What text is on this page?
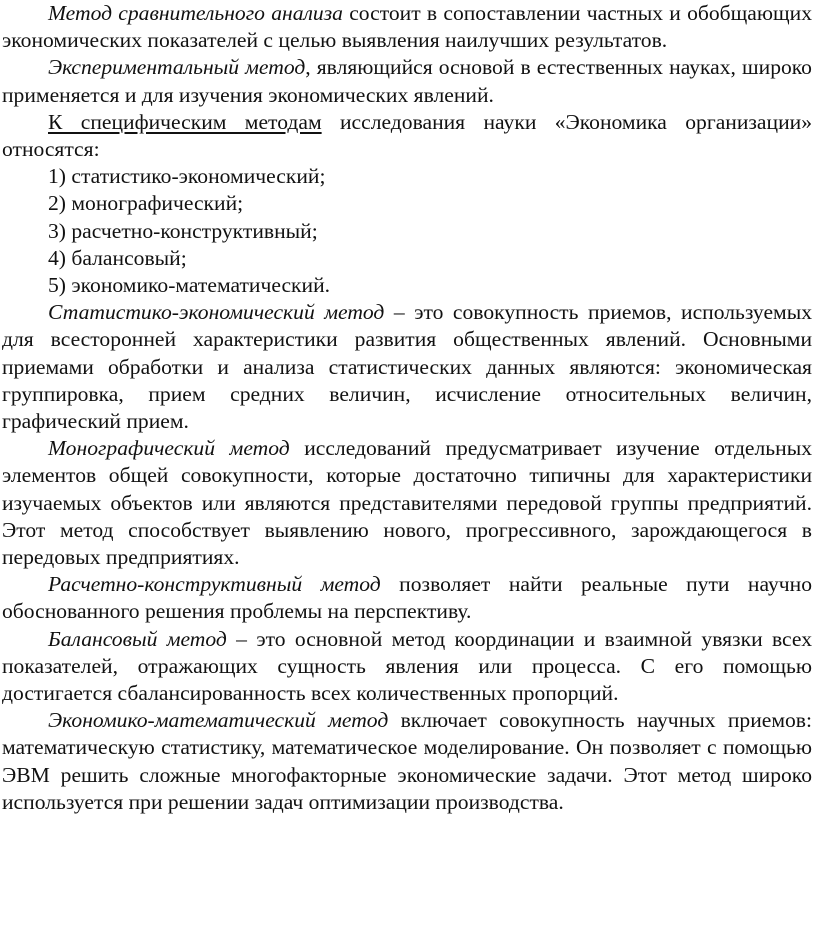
Метод сравнительного анализа состоит в сопоставлении частных и обобщающих экономических показателей с целью выявления наилучших результатов.

Экспериментальный метод, являющийся основой в естественных науках, широко применяется и для изучения экономических явлений.

К специфическим методам исследования науки «Экономика организации» относятся:

1) статистико-экономический;

2) монографический;

3) расчетно-конструктивный;

4) балансовый;

5) экономико-математический.

Статистико-экономический метод – это совокупность приемов, используемых для всесторонней характеристики развития общественных явлений. Основными приемами обработки и анализа статистических данных являются: экономическая группировка, прием средних величин, исчисление относительных величин, графический прием.

Монографический метод исследований предусматривает изучение отдельных элементов общей совокупности, которые достаточно типичны для характеристики изучаемых объектов или являются представителями передовой группы предприятий. Этот метод способствует выявлению нового, прогрессивного, зарождающегося в передовых предприятиях.

Расчетно-конструктивный метод позволяет найти реальные пути научно обоснованного решения проблемы на перспективу.

Балансовый метод – это основной метод координации и взаимной увязки всех показателей, отражающих сущность явления или процесса. С его помощью достигается сбалансированность всех количественных пропорций.

Экономико-математический метод включает совокупность научных приемов: математическую статистику, математическое моделирование. Он позволяет с помощью ЭВМ решить сложные многофакторные экономические задачи. Этот метод широко используется при решении задач оптимизации производства.
